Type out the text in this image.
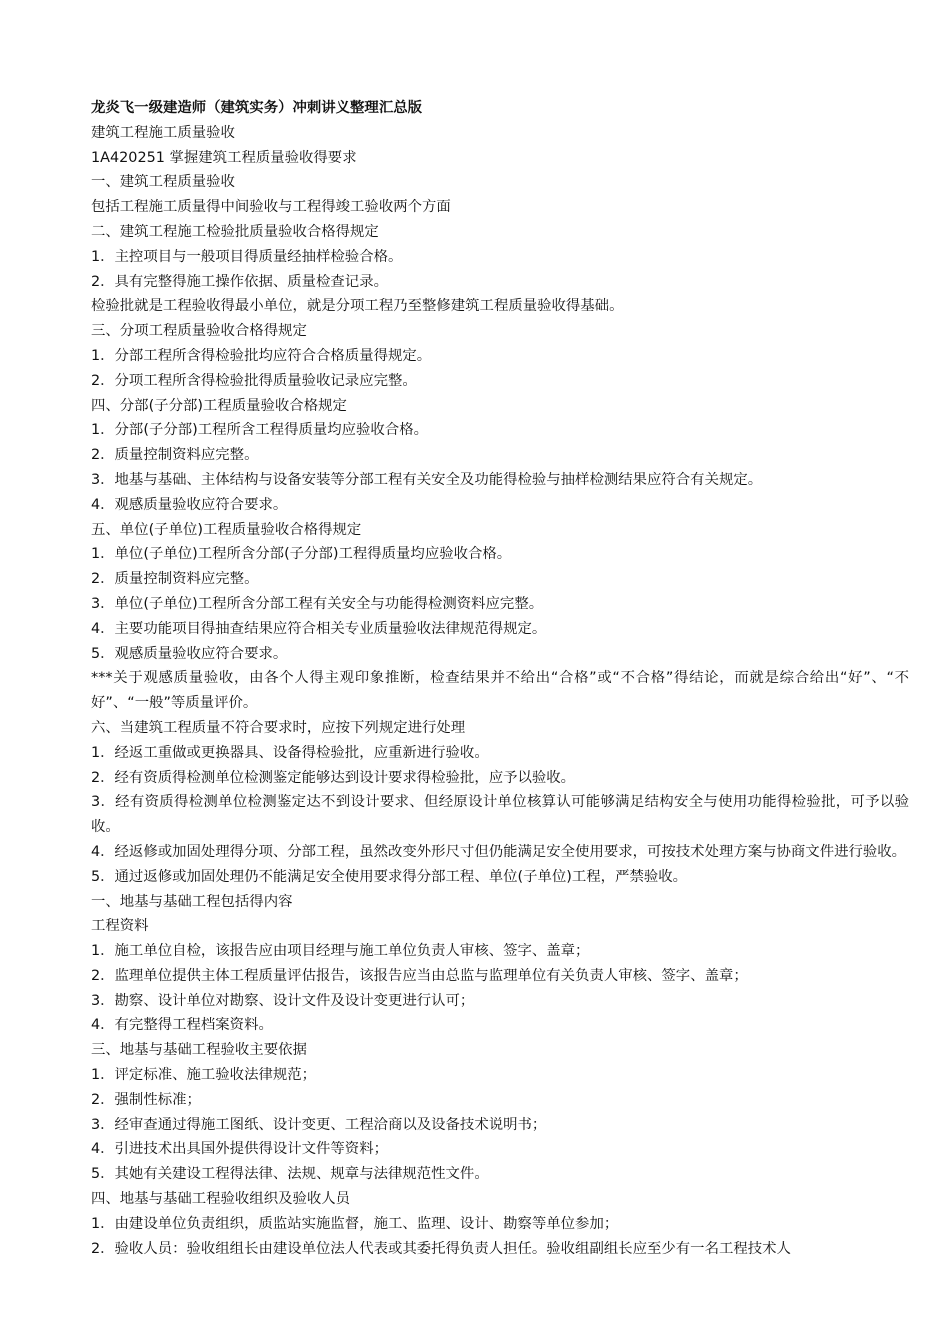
龙炎飞一级建造师（建筑实务）冲刺讲义整理汇总版

建筑工程施工质量验收

1A420251 掌握建筑工程质量验收得要求

一、建筑工程质量验收

包括工程施工质量得中间验收与工程得竣工验收两个方面

二、建筑工程施工检验批质量验收合格得规定

1．主控项目与一般项目得质量经抽样检验合格。

2．具有完整得施工操作依据、质量检查记录。

检验批就是工程验收得最小单位，就是分项工程乃至整修建筑工程质量验收得基础。

三、分项工程质量验收合格得规定

1．分部工程所含得检验批均应符合合格质量得规定。

2．分项工程所含得检验批得质量验收记录应完整。

四、分部(子分部)工程质量验收合格规定

1．分部(子分部)工程所含工程得质量均应验收合格。

2．质量控制资料应完整。

3．地基与基础、主体结构与设备安装等分部工程有关安全及功能得检验与抽样检测结果应符合有关规定。

4．观感质量验收应符合要求。

五、单位(子单位)工程质量验收合格得规定

1．单位(子单位)工程所含分部(子分部)工程得质量均应验收合格。

2．质量控制资料应完整。

3．单位(子单位)工程所含分部工程有关安全与功能得检测资料应完整。

4．主要功能项目得抽查结果应符合相关专业质量验收法律规范得规定。

5．观感质量验收应符合要求。

***关于观感质量验收，由各个人得主观印象推断，检查结果并不给出“合格”或“不合格”得结论，而就是综合给出“好”、“不好”、“一般”等质量评价。

六、当建筑工程质量不符合要求时，应按下列规定进行处理

1．经返工重做或更换器具、设备得检验批，应重新进行验收。

2．经有资质得检测单位检测鉴定能够达到设计要求得检验批，应予以验收。

3．经有资质得检测单位检测鉴定达不到设计要求、但经原设计单位核算认可能够满足结构安全与使用功能得检验批，可予以验收。

4．经返修或加固处理得分项、分部工程，虽然改变外形尺寸但仍能满足安全使用要求，可按技术处理方案与协商文件进行验收。

5．通过返修或加固处理仍不能满足安全使用要求得分部工程、单位(子单位)工程，严禁验收。

一、地基与基础工程包括得内容

工程资料

1．施工单位自检，该报告应由项目经理与施工单位负责人审核、签字、盖章；

2．监理单位提供主体工程质量评估报告，该报告应当由总监与监理单位有关负责人审核、签字、盖章；

3．勘察、设计单位对勘察、设计文件及设计变更进行认可；

4．有完整得工程档案资料。

三、地基与基础工程验收主要依据

1．评定标准、施工验收法律规范；

2．强制性标准；

3．经审查通过得施工图纸、设计变更、工程洽商以及设备技术说明书；

4．引进技术出具国外提供得设计文件等资料；

5．其她有关建设工程得法律、法规、规章与法律规范性文件。

四、地基与基础工程验收组织及验收人员

1．由建设单位负责组织，质监站实施监督，施工、监理、设计、勘察等单位参加；

2．验收人员：验收组组长由建设单位法人代表或其委托得负责人担任。验收组副组长应至少有一名工程技术人
